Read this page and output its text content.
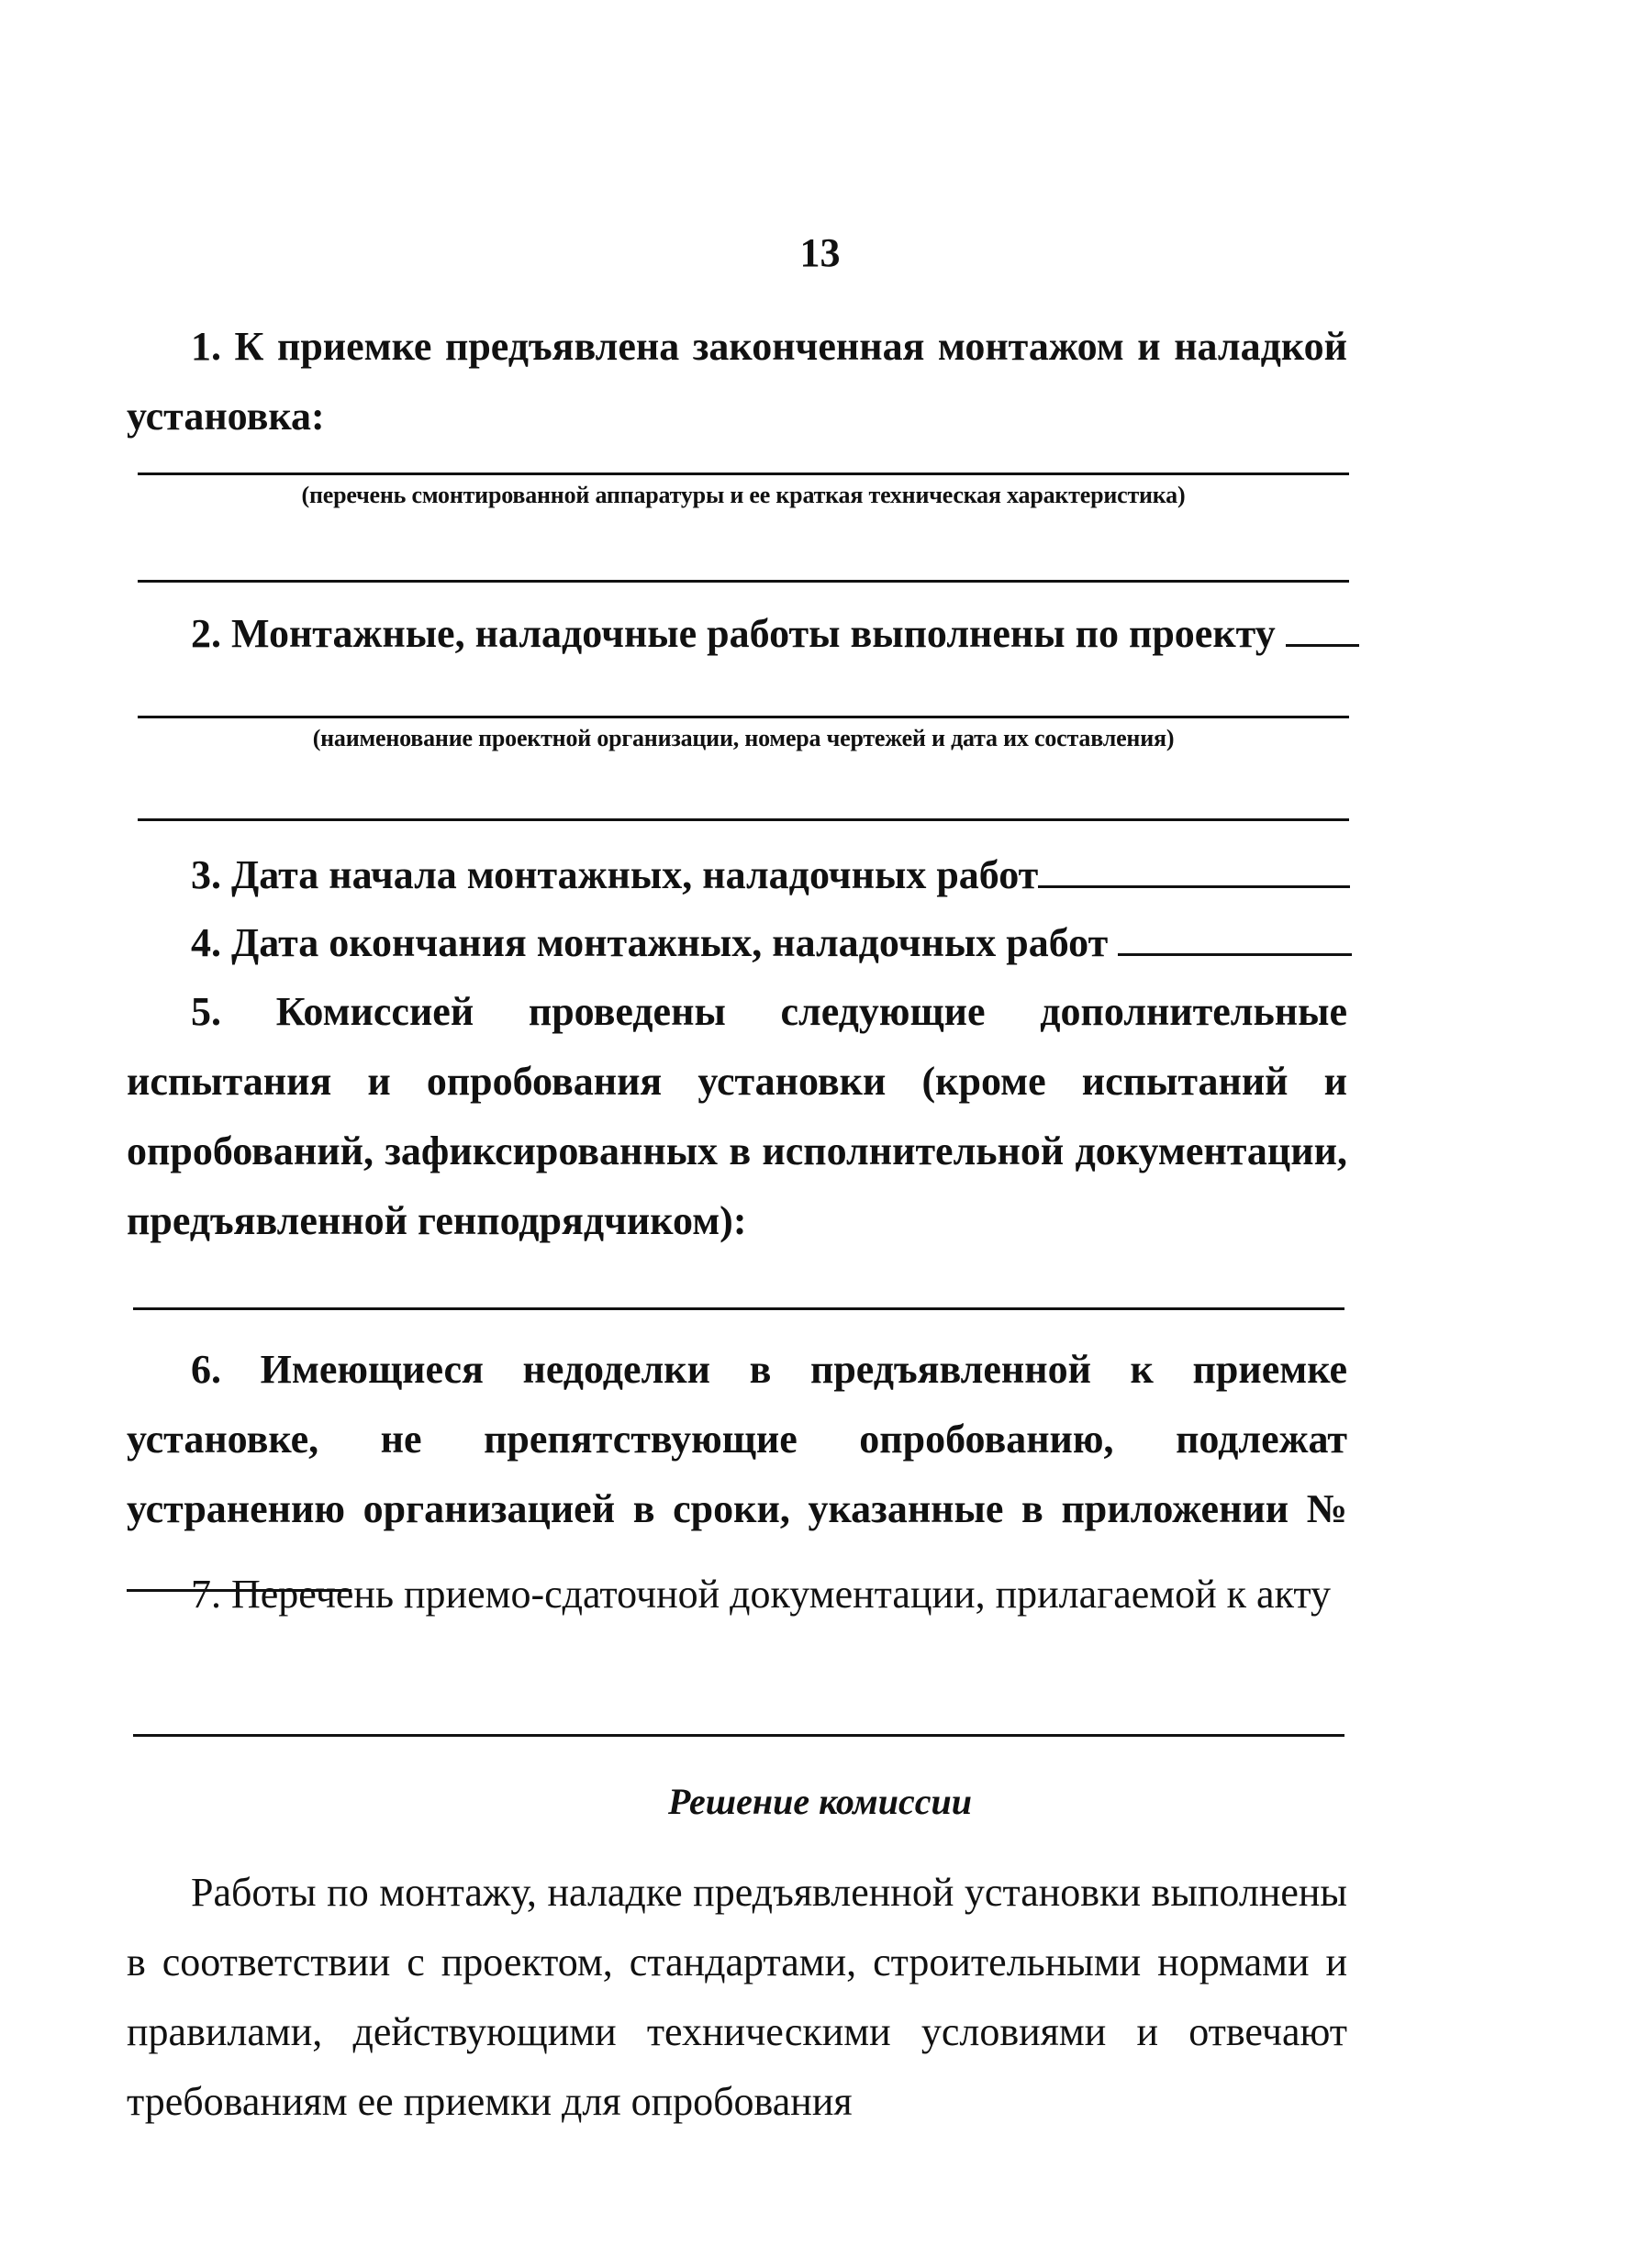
13
1. К приемке предъявлена законченная монтажом и наладкой установка:
(перечень смонтированной аппаратуры и ее краткая техническая характеристика)
2. Монтажные, наладочные работы выполнены по проекту
(наименование проектной организации, номера чертежей и дата их составления)
3. Дата начала монтажных, наладочных работ
4. Дата окончания монтажных, наладочных работ
5. Комиссией проведены следующие дополнительные испытания и опробования установки (кроме испытаний и опробований, зафиксированных в исполнительной документации, предъявленной генподрядчиком):
6. Имеющиеся недоделки в предъявленной к приемке установке, не препятствующие опробованию, подлежат устранению организацией в сроки, указанные в приложении №
7. Перечень приемо-сдаточной документации, прилагаемой к акту
Решение комиссии
Работы по монтажу, наладке предъявленной установки выполнены в соответствии с проектом, стандартами, строительными нормами и правилами, действующими техническими условиями и отвечают требованиям ее приемки для опробования
